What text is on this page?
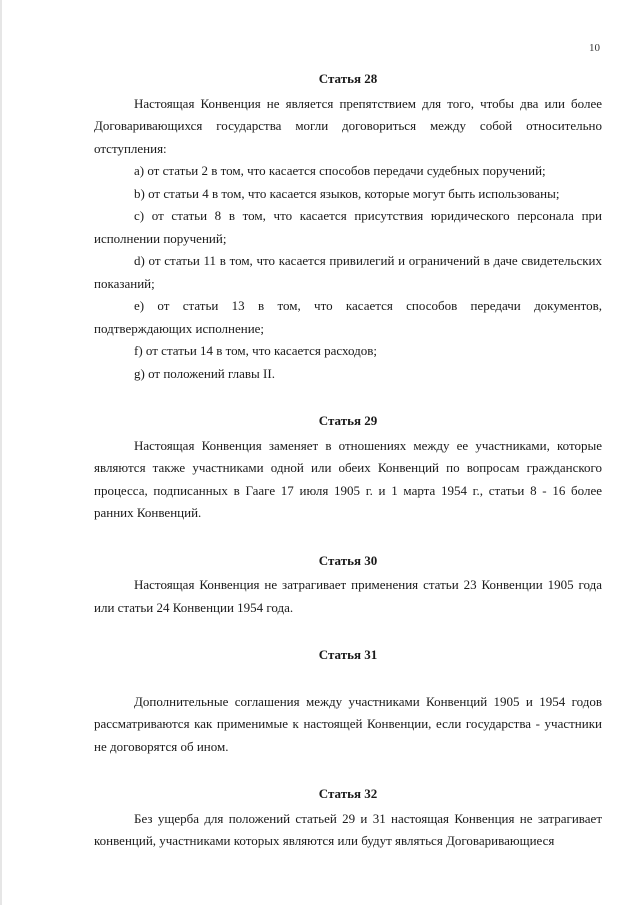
10

Статья 28

Настоящая Конвенция не является препятствием для того, чтобы два или более Договаривающихся государства могли договориться между собой относительно отступления:

a) от статьи 2 в том, что касается способов передачи судебных поручений;

b) от статьи 4 в том, что касается языков, которые могут быть использованы;

c) от статьи 8 в том, что касается присутствия юридического персонала при исполнении поручений;

d) от статьи 11 в том, что касается привилегий и ограничений в даче свидетельских показаний;

e) от статьи 13 в том, что касается способов передачи документов, подтверждающих исполнение;

f) от статьи 14 в том, что касается расходов;

g) от положений главы II.

Статья 29

Настоящая Конвенция заменяет в отношениях между ее участниками, которые являются также участниками одной или обеих Конвенций по вопросам гражданского процесса, подписанных в Гааге 17 июля 1905 г. и 1 марта 1954 г., статьи 8 - 16 более ранних Конвенций.

Статья 30

Настоящая Конвенция не затрагивает применения статьи 23 Конвенции 1905 года или статьи 24 Конвенции 1954 года.

Статья 31

Дополнительные соглашения между участниками Конвенций 1905 и 1954 годов рассматриваются как применимые к настоящей Конвенции, если государства - участники не договорятся об ином.

Статья 32

Без ущерба для положений статьей 29 и 31 настоящая Конвенция не затрагивает конвенций, участниками которых являются или будут являться Договаривающиеся
